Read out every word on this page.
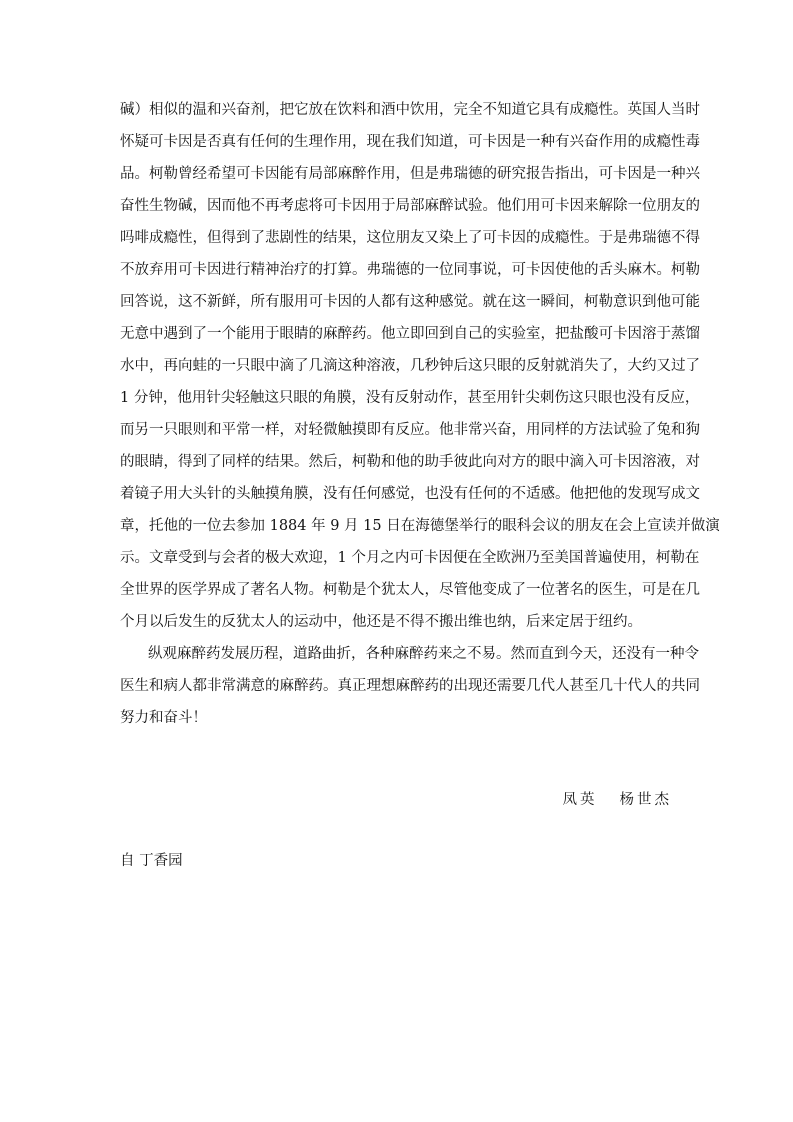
碱）相似的温和兴奋剂，把它放在饮料和酒中饮用，完全不知道它具有成瘾性。英国人当时
怀疑可卡因是否真有任何的生理作用，现在我们知道，可卡因是一种有兴奋作用的成瘾性毒
品。柯勒曾经希望可卡因能有局部麻醉作用，但是弗瑞德的研究报告指出，可卡因是一种兴
奋性生物碱，因而他不再考虑将可卡因用于局部麻醉试验。他们用可卡因来解除一位朋友的
吗啡成瘾性，但得到了悲剧性的结果，这位朋友又染上了可卡因的成瘾性。于是弗瑞德不得
不放弃用可卡因进行精神治疗的打算。弗瑞德的一位同事说，可卡因使他的舌头麻木。柯勒
回答说，这不新鲜，所有服用可卡因的人都有这种感觉。就在这一瞬间，柯勒意识到他可能
无意中遇到了一个能用于眼睛的麻醉药。他立即回到自己的实验室，把盐酸可卡因溶于蒸馏
水中，再向蛙的一只眼中滴了几滴这种溶液，几秒钟后这只眼的反射就消失了，大约又过了
1 分钟，他用针尖轻触这只眼的角膜，没有反射动作，甚至用针尖刺伤这只眼也没有反应，
而另一只眼则和平常一样，对轻微触摸即有反应。他非常兴奋，用同样的方法试验了兔和狗
的眼睛，得到了同样的结果。然后，柯勒和他的助手彼此向对方的眼中滴入可卡因溶液，对
着镜子用大头针的头触摸角膜，没有任何感觉，也没有任何的不适感。他把他的发现写成文
章，托他的一位去参加 1884 年 9 月 15 日在海德堡举行的眼科会议的朋友在会上宣读并做演
示。文章受到与会者的极大欢迎，1 个月之内可卡因便在全欧洲乃至美国普遍使用，柯勒在
全世界的医学界成了著名人物。柯勒是个犹太人，尽管他变成了一位著名的医生，可是在几
个月以后发生的反犹太人的运动中，他还是不得不搬出维也纳，后来定居于纽约。
纵观麻醉药发展历程，道路曲折，各种麻醉药来之不易。然而直到今天，还没有一种令
医生和病人都非常满意的麻醉药。真正理想麻醉药的出现还需要几代人甚至几十代人的共同
努力和奋斗！
凤英 杨世杰
自 丁香园
